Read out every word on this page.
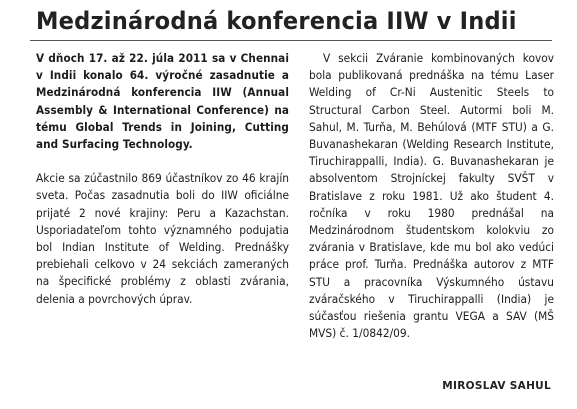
Medzinárodná konferencia IIW v Indii

V dňoch 17. až 22. júla 2011 sa v Chennai v Indii konalo 64. výročné zasadnutie a Medzinárodná konferencia IIW (Annual Assembly & International Conference) na tému Global Trends in Joining, Cutting and Surfacing Technology.

Akcie sa zúčastnilo 869 účastníkov zo 46 krajín sveta. Počas zasadnutia boli do IIW oficiálne prijaté 2 nové krajiny: Peru a Kazachstan. Usporiadateľom tohto významného podujatia bol Indian Institute of Welding. Prednášky prebiehali celkovo v 24 sekciách zameraných na špecifické problémy z oblasti zvárania, delenia a povrchových úprav.

V sekcii Zváranie kombinovaných kovov bola publikovaná prednáška na tému Laser Welding of Cr-Ni Austenitic Steels to Structural Carbon Steel. Autormi boli M. Sahul, M. Turňa, M. Behúlová (MTF STU) a G. Buvanashekaran (Welding Research Institute, Tiruchirappalli, India). G. Buvanashekaran je absolventom Strojníckej fakulty SVŠT v Bratislave z roku 1981. Už ako študent 4. ročníka v roku 1980 prednášal na Medzinárodnom študentskom kolokviu zo zvárania v Bratislave, kde mu bol ako vedúci práce prof. Turňa. Prednáška autorov z MTF STU a pracovníka Výskumného ústavu zváračského v Tiruchirappalli (India) je súčasťou riešenia grantu VEGA a SAV (MŠ MVS) č. 1/0842/09.

MIROSLAV SAHUL
